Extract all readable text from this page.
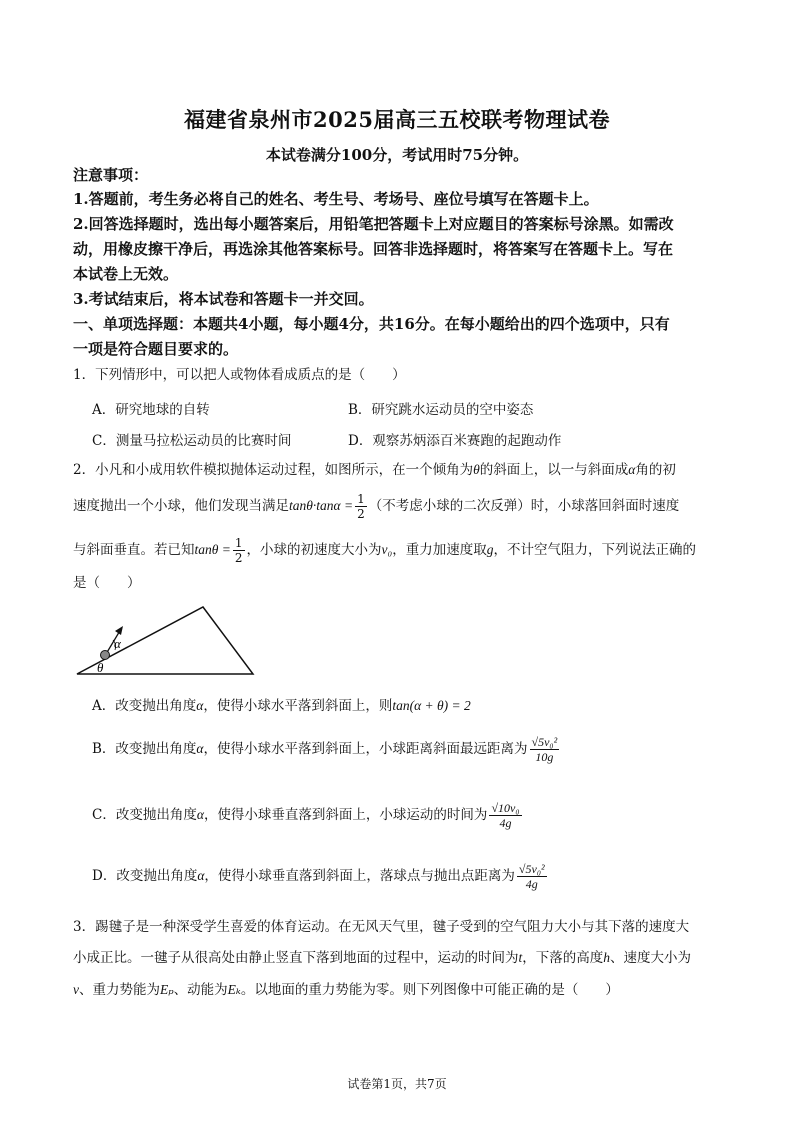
福建省泉州市2025届高三五校联考物理试卷
本试卷满分100分，考试用时75分钟。
注意事项：
1.答题前，考生务必将自己的姓名、考生号、考场号、座位号填写在答题卡上。
2.回答选择题时，选出每小题答案后，用铅笔把答题卡上对应题目的答案标号涂黑。如需改
动，用橡皮擦干净后，再选涂其他答案标号。回答非选择题时，将答案写在答题卡上。写在
本试卷上无效。
3.考试结束后，将本试卷和答题卡一并交回。
一、单项选择题：本题共4小题，每小题4分，共16分。在每小题给出的四个选项中，只有
一项是符合题目要求的。
1．下列情形中，可以把人或物体看成质点的是（　　）
A．研究地球的自转	B．研究跳水运动员的空中姿态
C．测量马拉松运动员的比赛时间	D．观察苏炳添百米赛跑的起跑动作
2．小凡和小成用软件模拟抛体运动过程，如图所示，在一个倾角为θ的斜面上，以一与斜面成α角的初
速度抛出一个小球，他们发现当满足$\tan\theta\cdot\tan\alpha = \frac{1}{2}$ （不考虑小球的二次反弹）时，小球落回斜面时速度
与斜面垂直。若已知$\tan\theta = \frac{1}{2}$ ，小球的初速度大小为v₀，重力加速度取g，不计空气阻力，下列说法正确的
是（　　）
α
θ
A．改变抛出角度α，使得小球水平落到斜面上，则tan(α + θ) = 2
B．改变抛出角度α，使得小球水平落到斜面上，小球距离斜面最远距离为 $\frac{\text{√5v₀²}}{10g}$
C．改变抛出角度α，使得小球垂直落到斜面上，小球运动的时间为 $\frac{\text{√10v₀}}{4g}$
D．改变抛出角度α，使得小球垂直落到斜面上，落球点与抛出点距离为 $\frac{\text{√5v₀²}}{4g}$
3．踢毽子是一种深受学生喜爱的体育运动。在无风天气里，毽子受到的空气阻力大小与其下落的速度大
小成正比。一毽子从很高处由静止竖直下落到地面的过程中，运动的时间为t，下落的高度h、速度大小为
v、重力势能为Eₚ、动能为Eₖ。以地面的重力势能为零。则下列图像中可能正确的是（　　）
试卷第1页，共7页
